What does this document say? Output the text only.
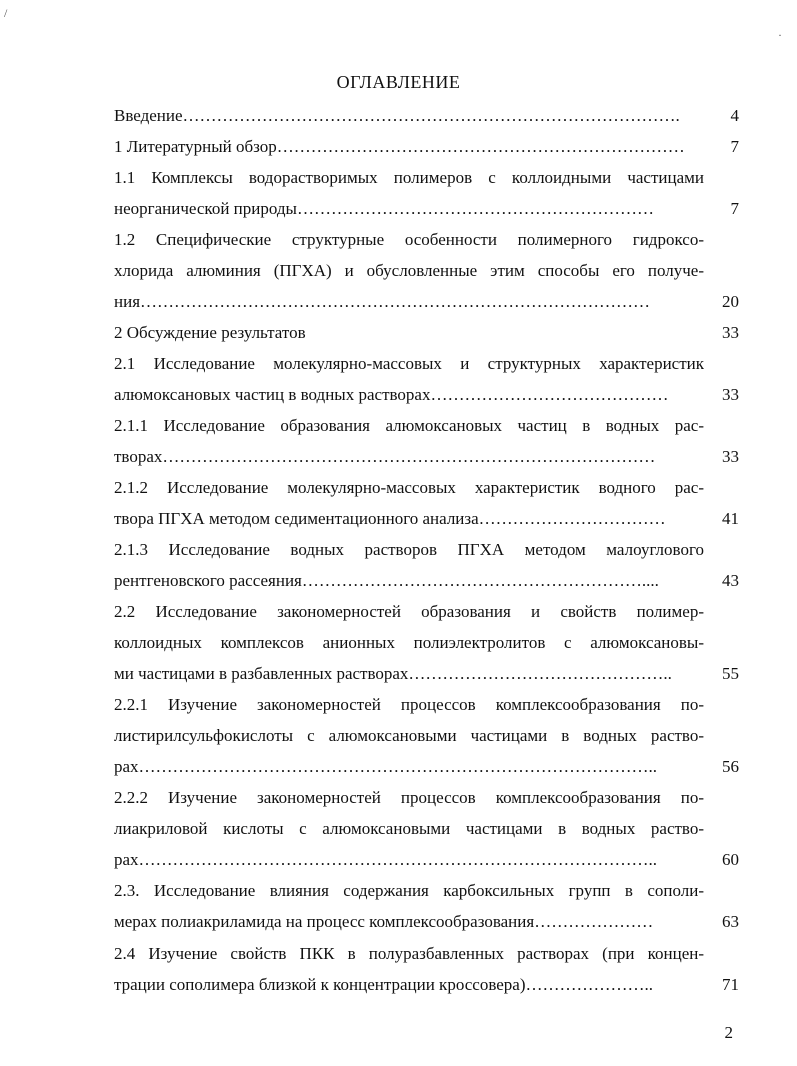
/
·
ОГЛАВЛЕНИЕ
Введение…………………………………………………………………………….	4
1 Литературный обзор………………………………………………………………	7
1.1 Комплексы водорастворимых полимеров с коллоидными частицами
неорганической природы………………………………………………………	7
1.2 Специфические структурные особенности полимерного гидроксо-
хлорида алюминия (ПГХА) и обусловленные этим способы его получе-
ния………………………………………………………………………………	20
2 Обсуждение результатов	33
2.1 Исследование молекулярно-массовых и структурных характеристик
алюмоксановых частиц в водных растворах……………………………………	33
2.1.1 Исследование образования алюмоксановых частиц в водных рас-
творах……………………………………………………………………………	33
2.1.2 Исследование молекулярно-массовых характеристик водного рас-
твора ПГХА методом седиментационного анализа……………………………	41
2.1.3 Исследование водных растворов ПГХА методом малоуглового
рентгеновского рассеяния……………………………………………………....	43
2.2 Исследование закономерностей образования и свойств полимер-
коллоидных комплексов анионных полиэлектролитов с алюмоксановы-
ми частицами в разбавленных растворах………………………………………..	55
2.2.1 Изучение закономерностей процессов комплексообразования по-
листирилсульфокислоты с алюмоксановыми частицами в водных раство-
рах………………………………………………………………………………..	56
2.2.2 Изучение закономерностей процессов комплексообразования по-
лиакриловой кислоты с алюмоксановыми частицами в водных раство-
рах………………………………………………………………………………..	60
2.3. Исследование влияния содержания карбоксильных групп в сополи-
мерах полиакриламида на процесс комплексообразования…………………	63
2.4 Изучение свойств ПКК в полуразбавленных растворах (при концен-
трации сополимера близкой к концентрации кроссовера)…………………..	71
2
